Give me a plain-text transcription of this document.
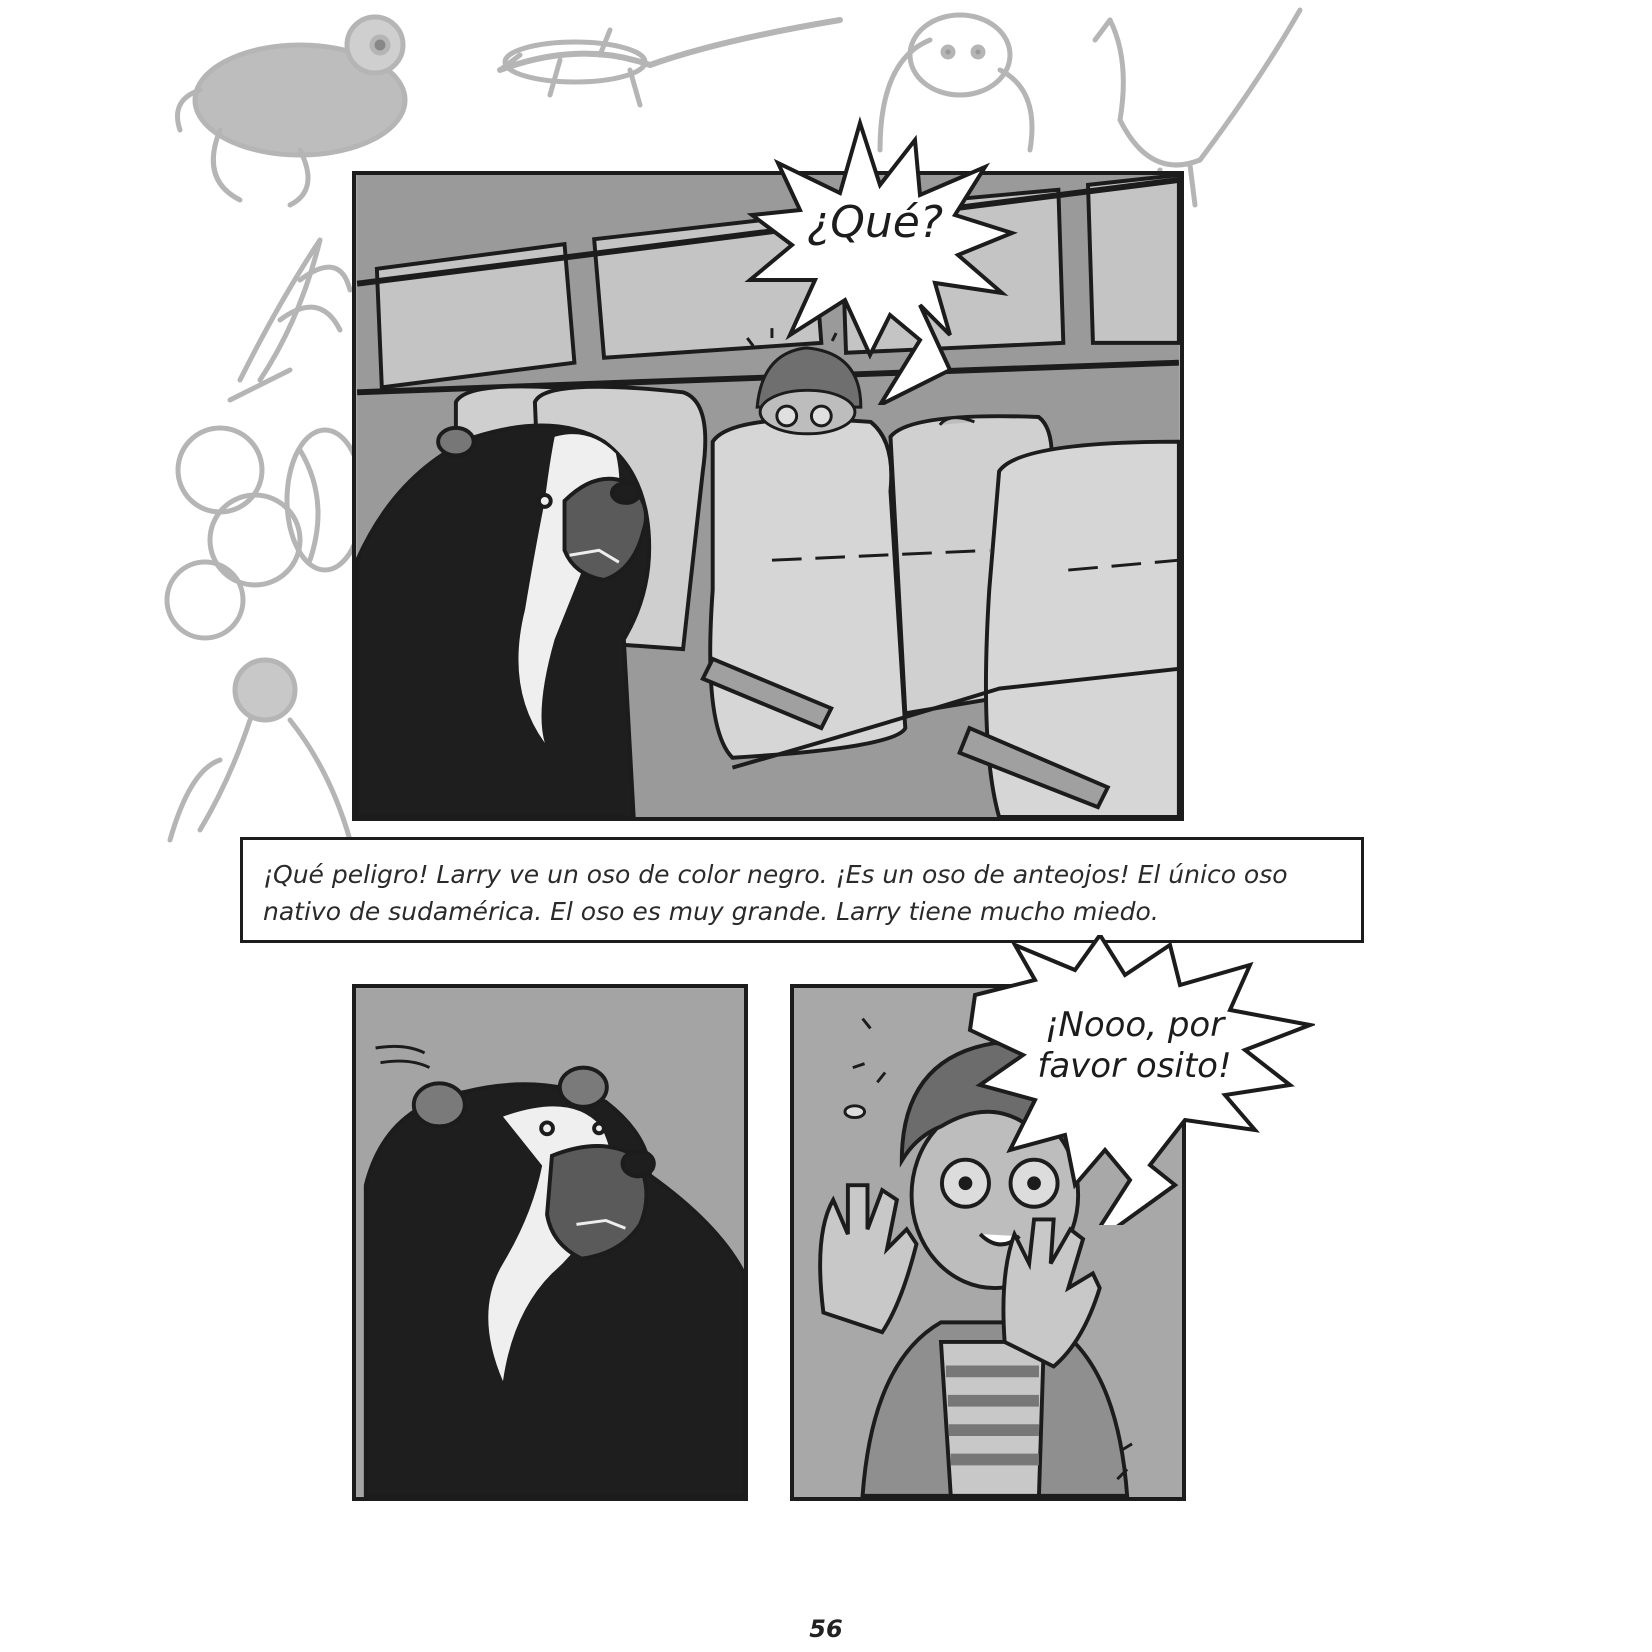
¿Qué?
¡Qué peligro! Larry ve un oso de color negro. ¡Es un oso de anteojos! El único oso
nativo de sudamérica. El oso es muy grande. Larry tiene mucho miedo.
¡Nooo, por
favor osito!
56
